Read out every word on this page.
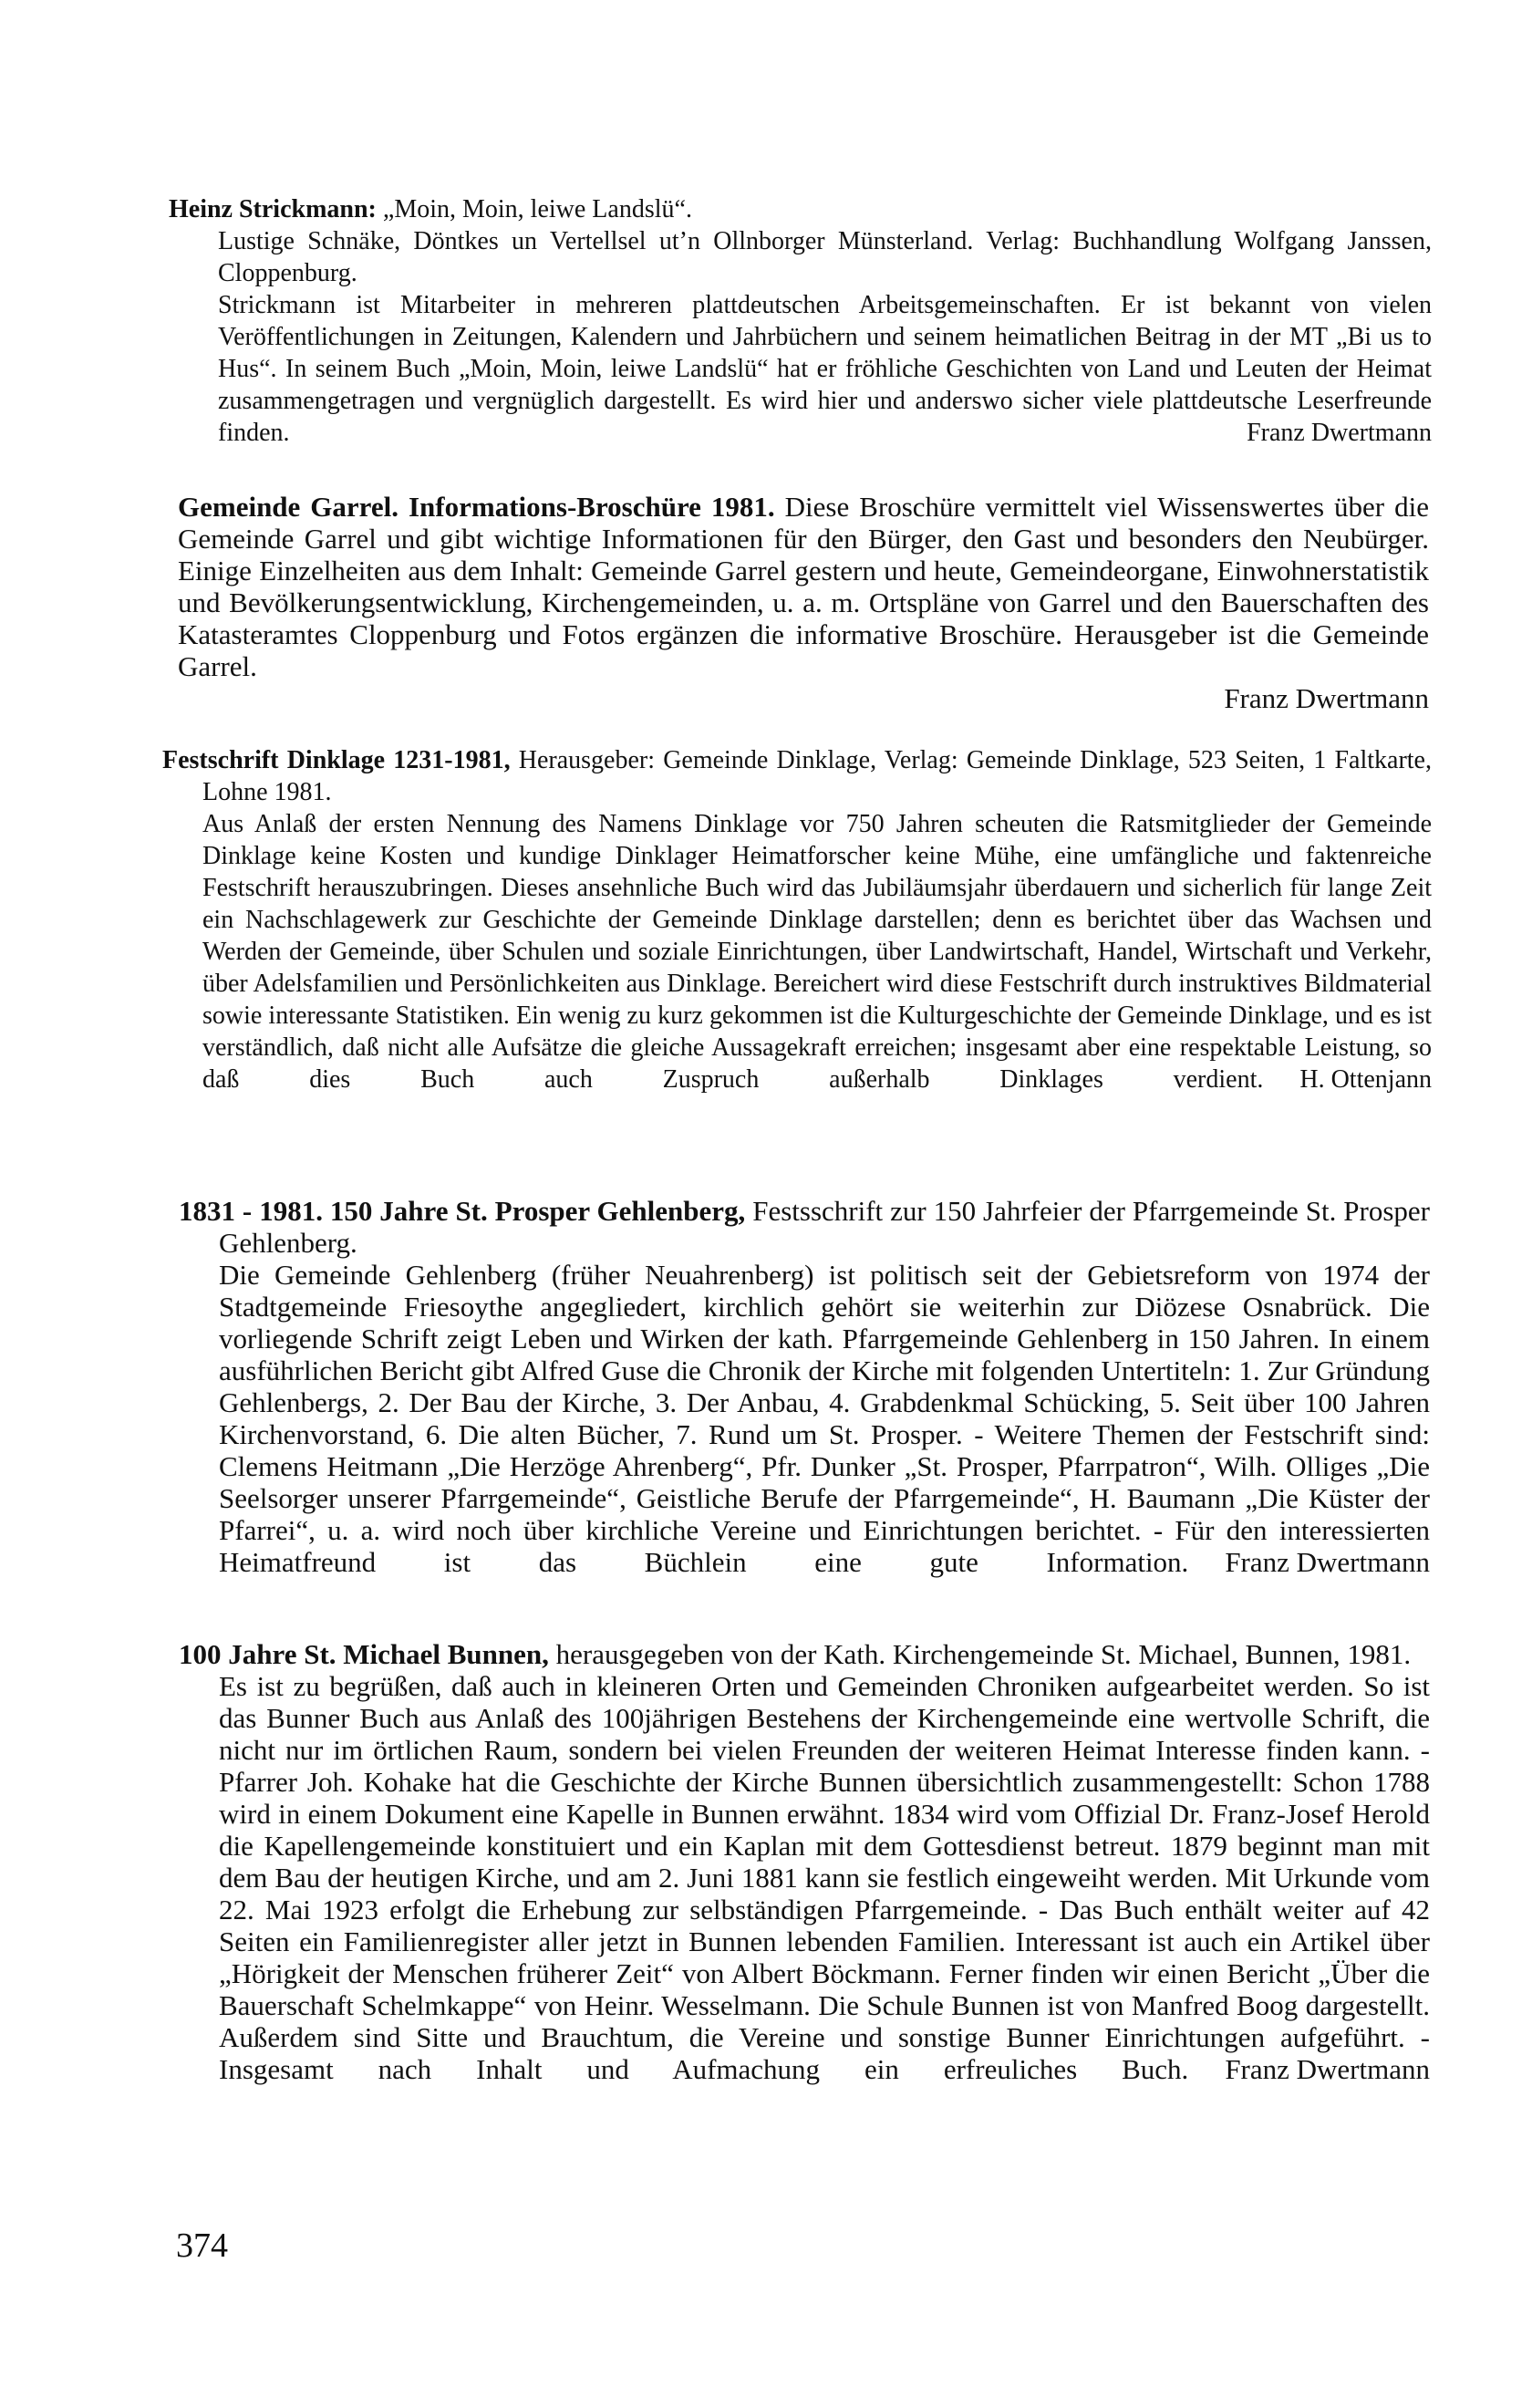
Heinz Strickmann: „Moin, Moin, leiwe Landslü“.

Lustige Schnäke, Döntkes un Vertellsel ut’n Ollnborger Münsterland. Verlag: Buchhandlung Wolfgang Janssen, Cloppenburg.

Strickmann ist Mitarbeiter in mehreren plattdeutschen Arbeitsgemeinschaften. Er ist bekannt von vielen Veröffentlichungen in Zeitungen, Kalendern und Jahrbüchern und seinem heimatlichen Beitrag in der MT „Bi us to Hus“. In seinem Buch „Moin, Moin, leiwe Landslü“ hat er fröhliche Geschichten von Land und Leuten der Heimat zusammengetragen und vergnüglich dargestellt. Es wird hier und anderswo sicher viele plattdeutsche Leserfreunde finden.	Franz Dwertmann

Gemeinde Garrel. Informations-Broschüre 1981. Diese Broschüre vermittelt viel Wissenswertes über die Gemeinde Garrel und gibt wichtige Informationen für den Bürger, den Gast und besonders den Neubürger. Einige Einzelheiten aus dem Inhalt: Gemeinde Garrel gestern und heute, Gemeindeorgane, Einwohnerstatistik und Bevölkerungsentwicklung, Kirchengemeinden, u. a. m. Ortspläne von Garrel und den Bauerschaften des Katasteramtes Cloppenburg und Fotos ergänzen die informative Broschüre. Herausgeber ist die Gemeinde Garrel.

Franz Dwertmann

Festschrift Dinklage 1231-1981, Herausgeber: Gemeinde Dinklage, Verlag: Gemeinde Dinklage, 523 Seiten, 1 Faltkarte, Lohne 1981.

Aus Anlaß der ersten Nennung des Namens Dinklage vor 750 Jahren scheuten die Ratsmitglieder der Gemeinde Dinklage keine Kosten und kundige Dinklager Heimatforscher keine Mühe, eine umfängliche und faktenreiche Festschrift herauszubringen. Dieses ansehnliche Buch wird das Jubiläumsjahr überdauern und sicherlich für lange Zeit ein Nachschlagewerk zur Geschichte der Gemeinde Dinklage darstellen; denn es berichtet über das Wachsen und Werden der Gemeinde, über Schulen und soziale Einrichtungen, über Landwirtschaft, Handel, Wirtschaft und Verkehr, über Adelsfamilien und Persönlichkeiten aus Dinklage. Bereichert wird diese Festschrift durch instruktives Bildmaterial sowie interessante Statistiken. Ein wenig zu kurz gekommen ist die Kulturgeschichte der Gemeinde Dinklage, und es ist verständlich, daß nicht alle Aufsätze die gleiche Aussagekraft erreichen; insgesamt aber eine respektable Leistung, so daß dies Buch auch Zuspruch außerhalb Dinklages verdient. H. Ottenjann

1831 - 1981. 150 Jahre St. Prosper Gehlenberg, Festsschrift zur 150 Jahrfeier der Pfarrgemeinde St. Prosper Gehlenberg.

Die Gemeinde Gehlenberg (früher Neuahrenberg) ist politisch seit der Gebietsreform von 1974 der Stadtgemeinde Friesoythe angegliedert, kirchlich gehört sie weiterhin zur Diözese Osnabrück. Die vorliegende Schrift zeigt Leben und Wirken der kath. Pfarrgemeinde Gehlenberg in 150 Jahren. In einem ausführlichen Bericht gibt Alfred Guse die Chronik der Kirche mit folgenden Untertiteln: 1. Zur Gründung Gehlenbergs, 2. Der Bau der Kirche, 3. Der Anbau, 4. Grabdenkmal Schücking, 5. Seit über 100 Jahren Kirchenvorstand, 6. Die alten Bücher, 7. Rund um St. Prosper. - Weitere Themen der Festschrift sind: Clemens Heitmann „Die Herzöge Ahrenberg“, Pfr. Dunker „St. Prosper, Pfarrpatron“, Wilh. Olliges „Die Seelsorger unserer Pfarrgemeinde“, Geistliche Berufe der Pfarrgemeinde“, H. Baumann „Die Küster der Pfarrei“, u. a. wird noch über kirchliche Vereine und Einrichtungen berichtet. - Für den interessierten Heimatfreund ist das Büchlein eine gute Information. Franz Dwertmann

100 Jahre St. Michael Bunnen, herausgegeben von der Kath. Kirchengemeinde St. Michael, Bunnen, 1981.

Es ist zu begrüßen, daß auch in kleineren Orten und Gemeinden Chroniken aufgearbeitet werden. So ist das Bunner Buch aus Anlaß des 100jährigen Bestehens der Kirchengemeinde eine wertvolle Schrift, die nicht nur im örtlichen Raum, sondern bei vielen Freunden der weiteren Heimat Interesse finden kann. - Pfarrer Joh. Kohake hat die Geschichte der Kirche Bunnen übersichtlich zusammengestellt: Schon 1788 wird in einem Dokument eine Kapelle in Bunnen erwähnt. 1834 wird vom Offizial Dr. Franz-Josef Herold die Kapellengemeinde konstituiert und ein Kaplan mit dem Gottesdienst betreut. 1879 beginnt man mit dem Bau der heutigen Kirche, und am 2. Juni 1881 kann sie festlich eingeweiht werden. Mit Urkunde vom 22. Mai 1923 erfolgt die Erhebung zur selbständigen Pfarrgemeinde. - Das Buch enthält weiter auf 42 Seiten ein Familienregister aller jetzt in Bunnen lebenden Familien. Interessant ist auch ein Artikel über „Hörigkeit der Menschen früherer Zeit“ von Albert Böckmann. Ferner finden wir einen Bericht „Über die Bauerschaft Schelmkappe“ von Heinr. Wesselmann. Die Schule Bunnen ist von Manfred Boog dargestellt. Außerdem sind Sitte und Brauchtum, die Vereine und sonstige Bunner Einrichtungen aufgeführt. - Insgesamt nach Inhalt und Aufmachung ein erfreuliches Buch. Franz Dwertmann

374
